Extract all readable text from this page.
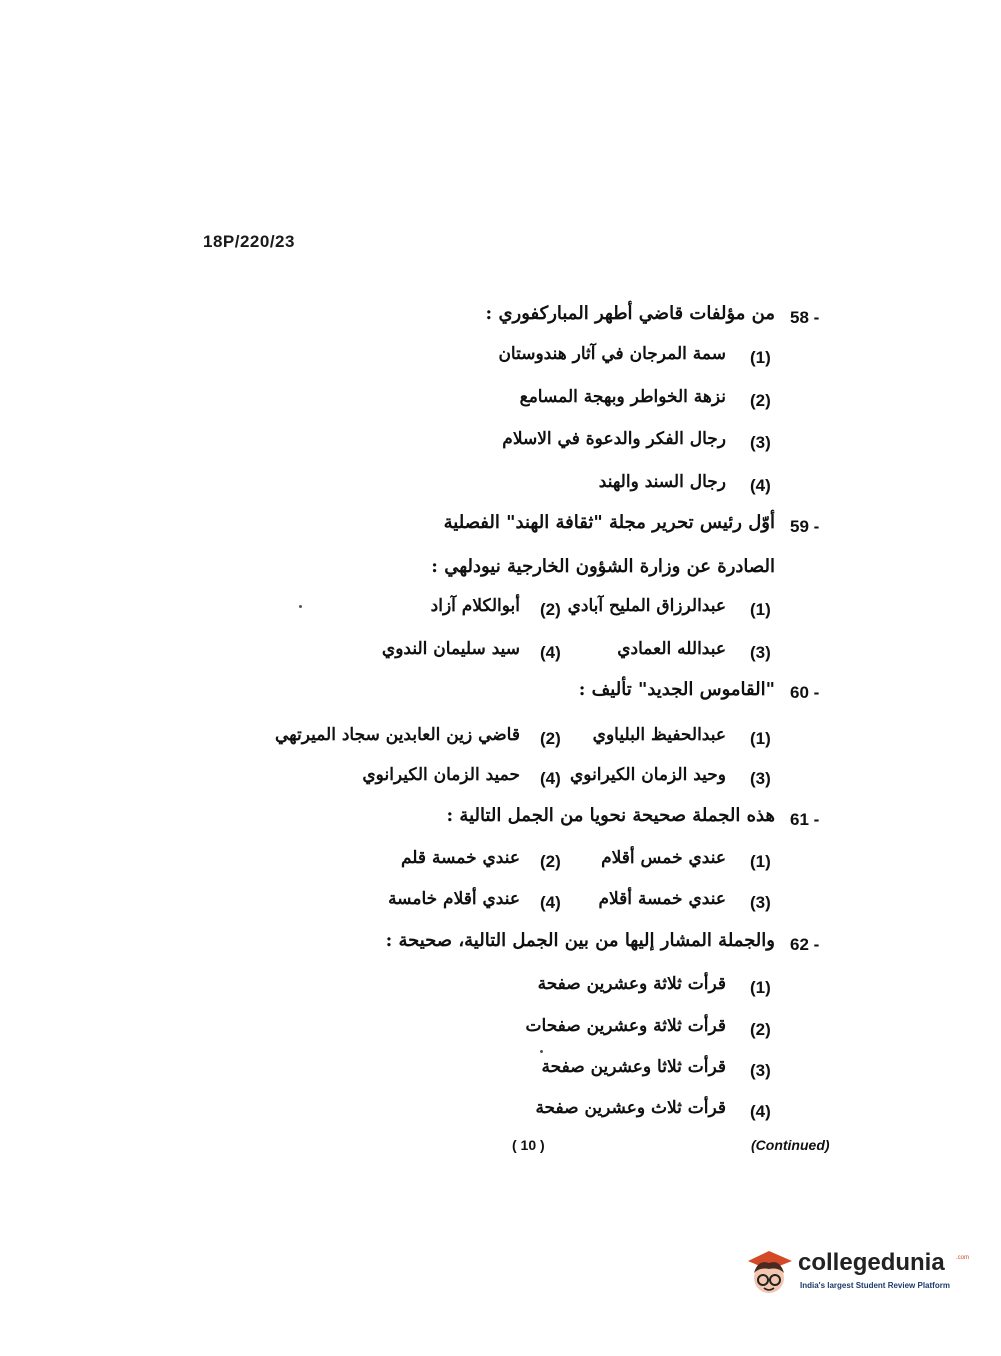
18P/220/23
58 -
من مؤلفات قاضي أطهر المباركفوري :
(1)
سمة المرجان في آثار هندوستان
(2)
نزهة الخواطر وبهجة المسامع
(3)
رجال الفكر والدعوة في الاسلام
(4)
رجال السند والهند
59 -
أوّل رئيس تحرير مجلة "ثقافة الهند" الفصلية
الصادرة عن وزارة الشؤون الخارجية نيودلهي :
(1)
عبدالرزاق المليح آبادي
(2)
أبوالكلام آزاد
(3)
عبدالله العمادي
(4)
سيد سليمان الندوي
60 -
"القاموس الجديد" تأليف :
(1)
عبدالحفيظ البلياوي
(2)
قاضي زين العابدين سجاد الميرتهي
(3)
وحيد الزمان الكيرانوي
(4)
حميد الزمان الكيرانوي
61 -
هذه الجملة صحيحة نحويا من الجمل التالية :
(1)
عندي خمس أقلام
(2)
عندي خمسة قلم
(3)
عندي خمسة أقلام
(4)
عندي أقلام خامسة
62 -
والجملة المشار إليها من بين الجمل التالية، صحيحة :
(1)
قرأت ثلاثة وعشرين صفحة
(2)
قرأت ثلاثة وعشرين صفحات
(3)
قرأت ثلاثا وعشرين صفحة
(4)
قرأت ثلاث وعشرين صفحة
( 10 )	(Continued)
collegedunia .com
India's largest Student Review Platform
